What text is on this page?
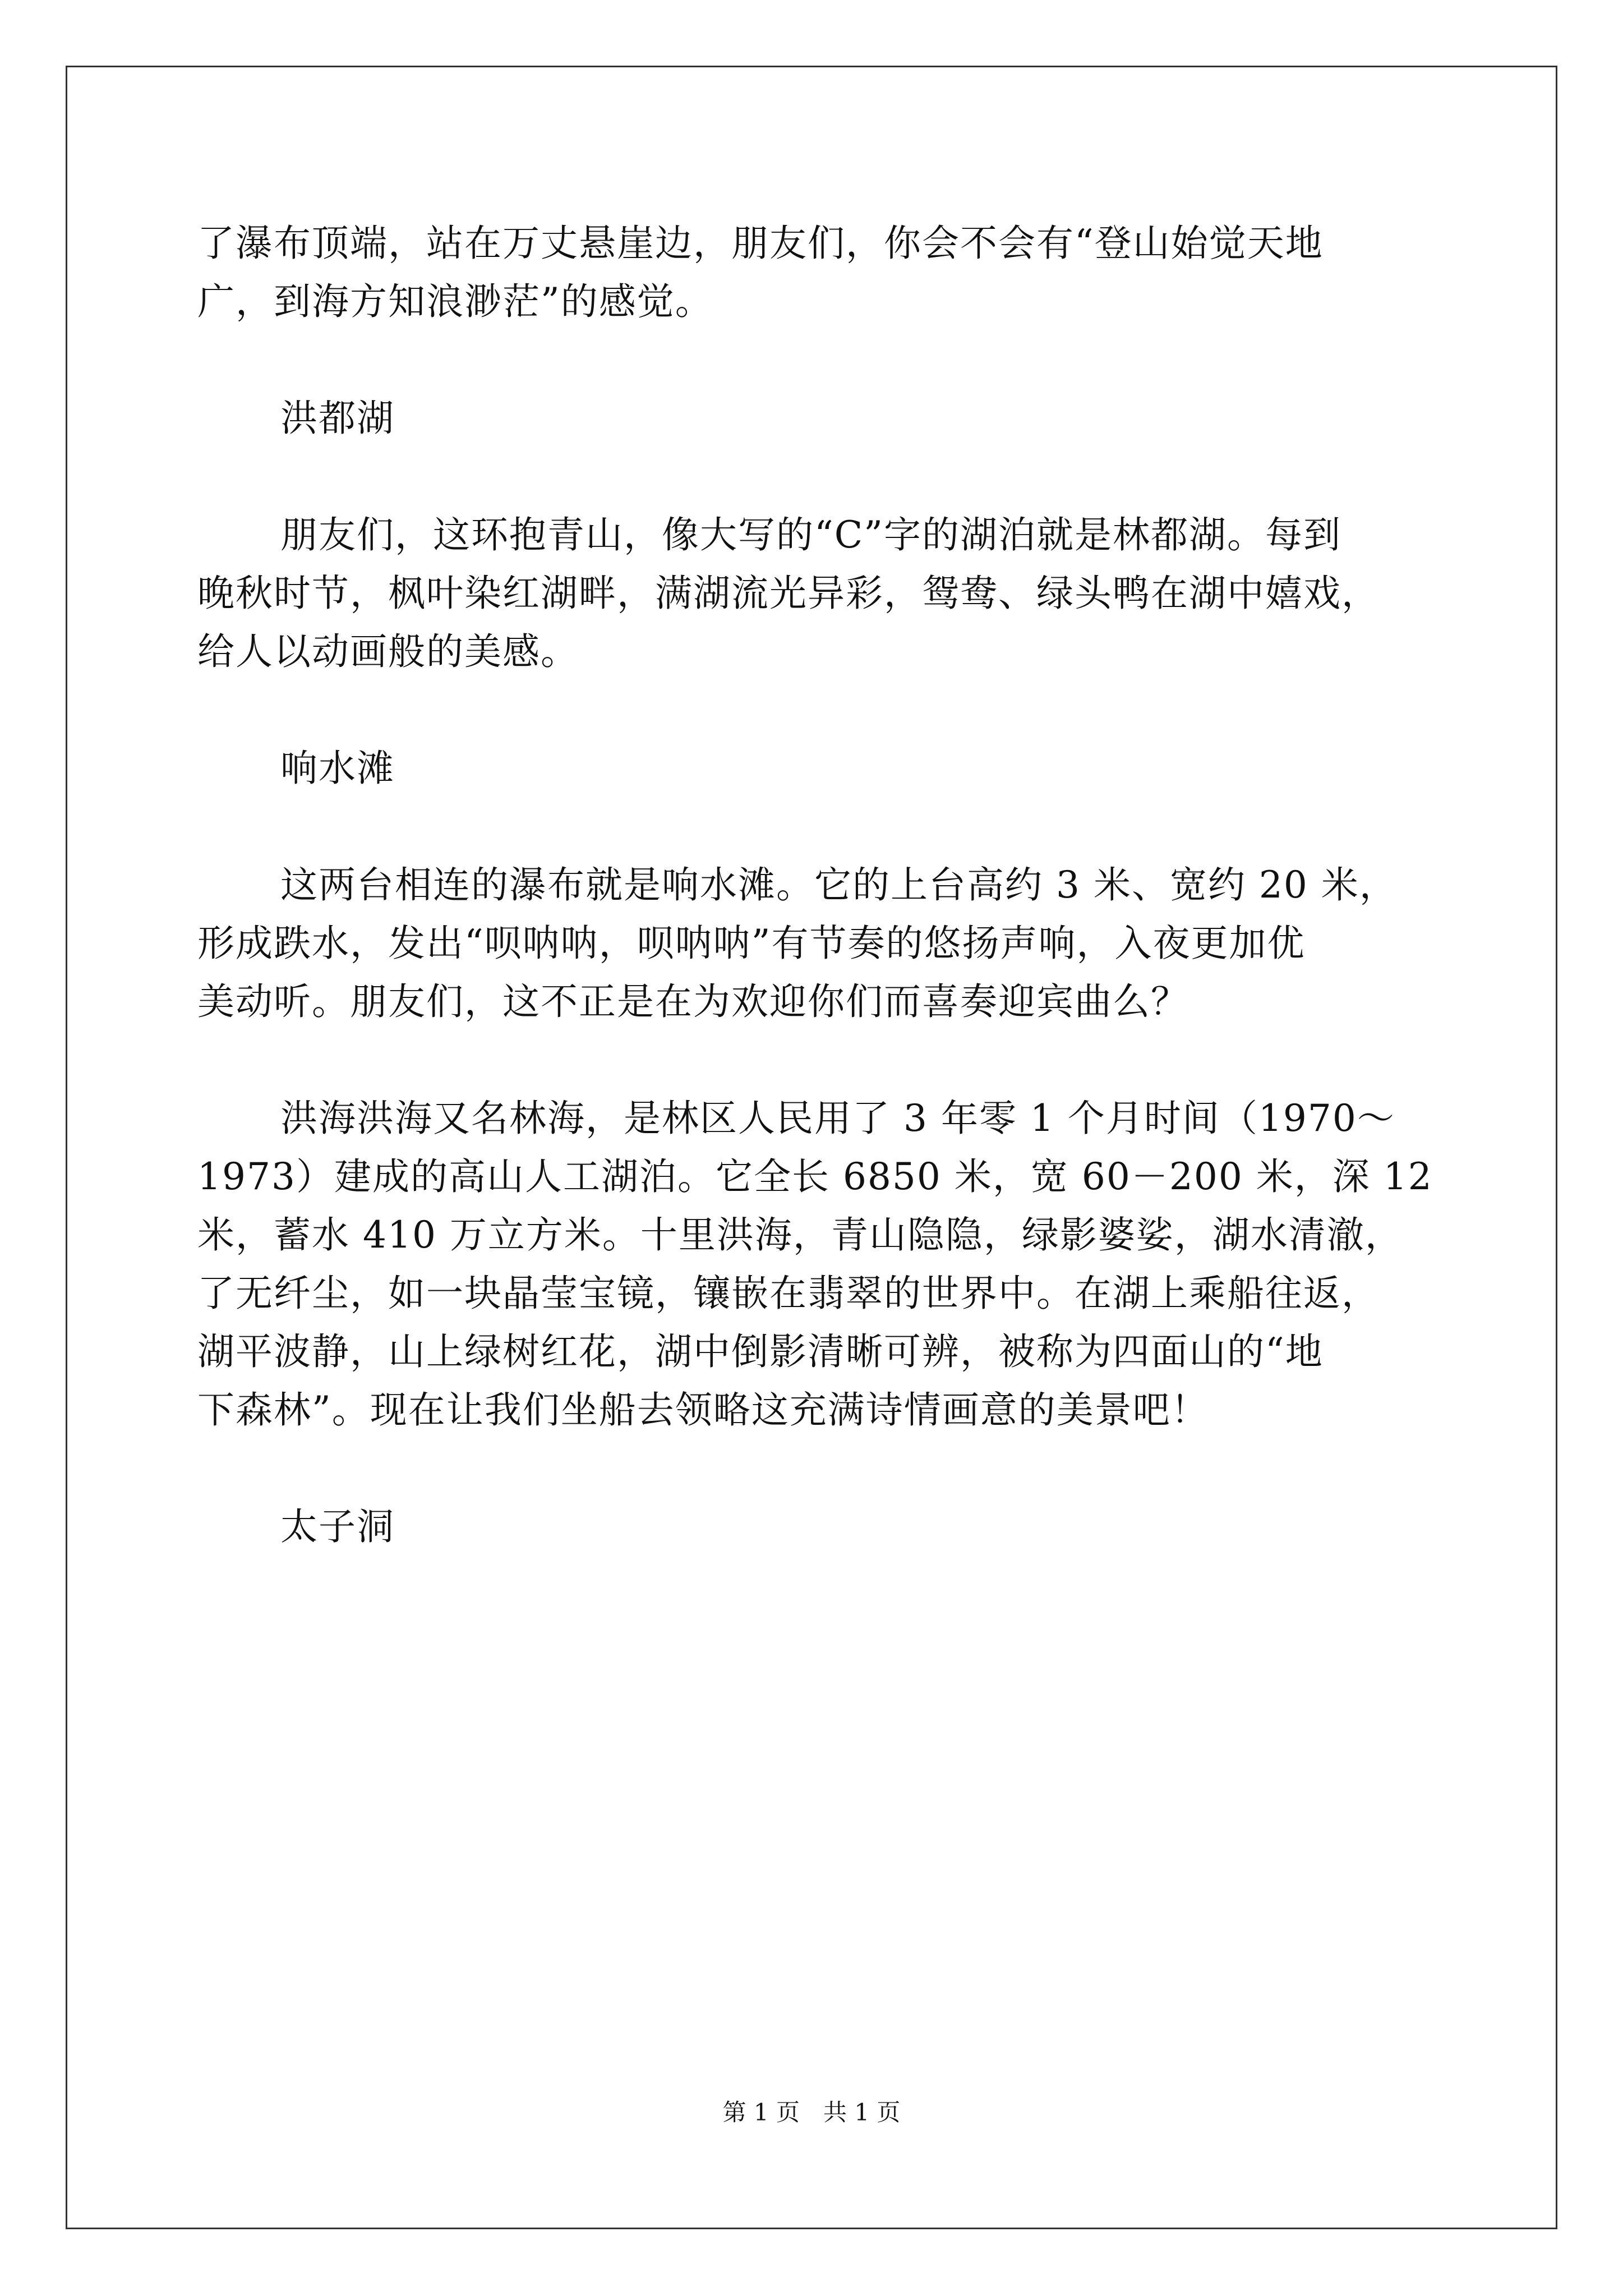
了瀑布顶端，站在万丈悬崖边，朋友们，你会不会有“登山始觉天地
广，到海方知浪渺茫”的感觉。
洪都湖
朋友们，这环抱青山，像大写的“C”字的湖泊就是林都湖。每到
晚秋时节，枫叶染红湖畔，满湖流光异彩，鸳鸯、绿头鸭在湖中嬉戏，
给人以动画般的美感。
响水滩
这两台相连的瀑布就是响水滩。它的上台高约 3 米、宽约 20 米，
形成跌水，发出“呗呐呐，呗呐呐”有节奏的悠扬声响，入夜更加优
美动听。朋友们，这不正是在为欢迎你们而喜奏迎宾曲么？
洪海洪海又名林海，是林区人民用了 3 年零 1 个月时间（1970～
1973）建成的高山人工湖泊。它全长 6850 米，宽 60－200 米，深 12
米，蓄水 410 万立方米。十里洪海，青山隐隐，绿影婆娑，湖水清澈，
了无纤尘，如一块晶莹宝镜，镶嵌在翡翠的世界中。在湖上乘船往返，
湖平波静，山上绿树红花，湖中倒影清晰可辨，被称为四面山的“地
下森林”。现在让我们坐船去领略这充满诗情画意的美景吧！
太子洞
第 1 页　共 1 页
